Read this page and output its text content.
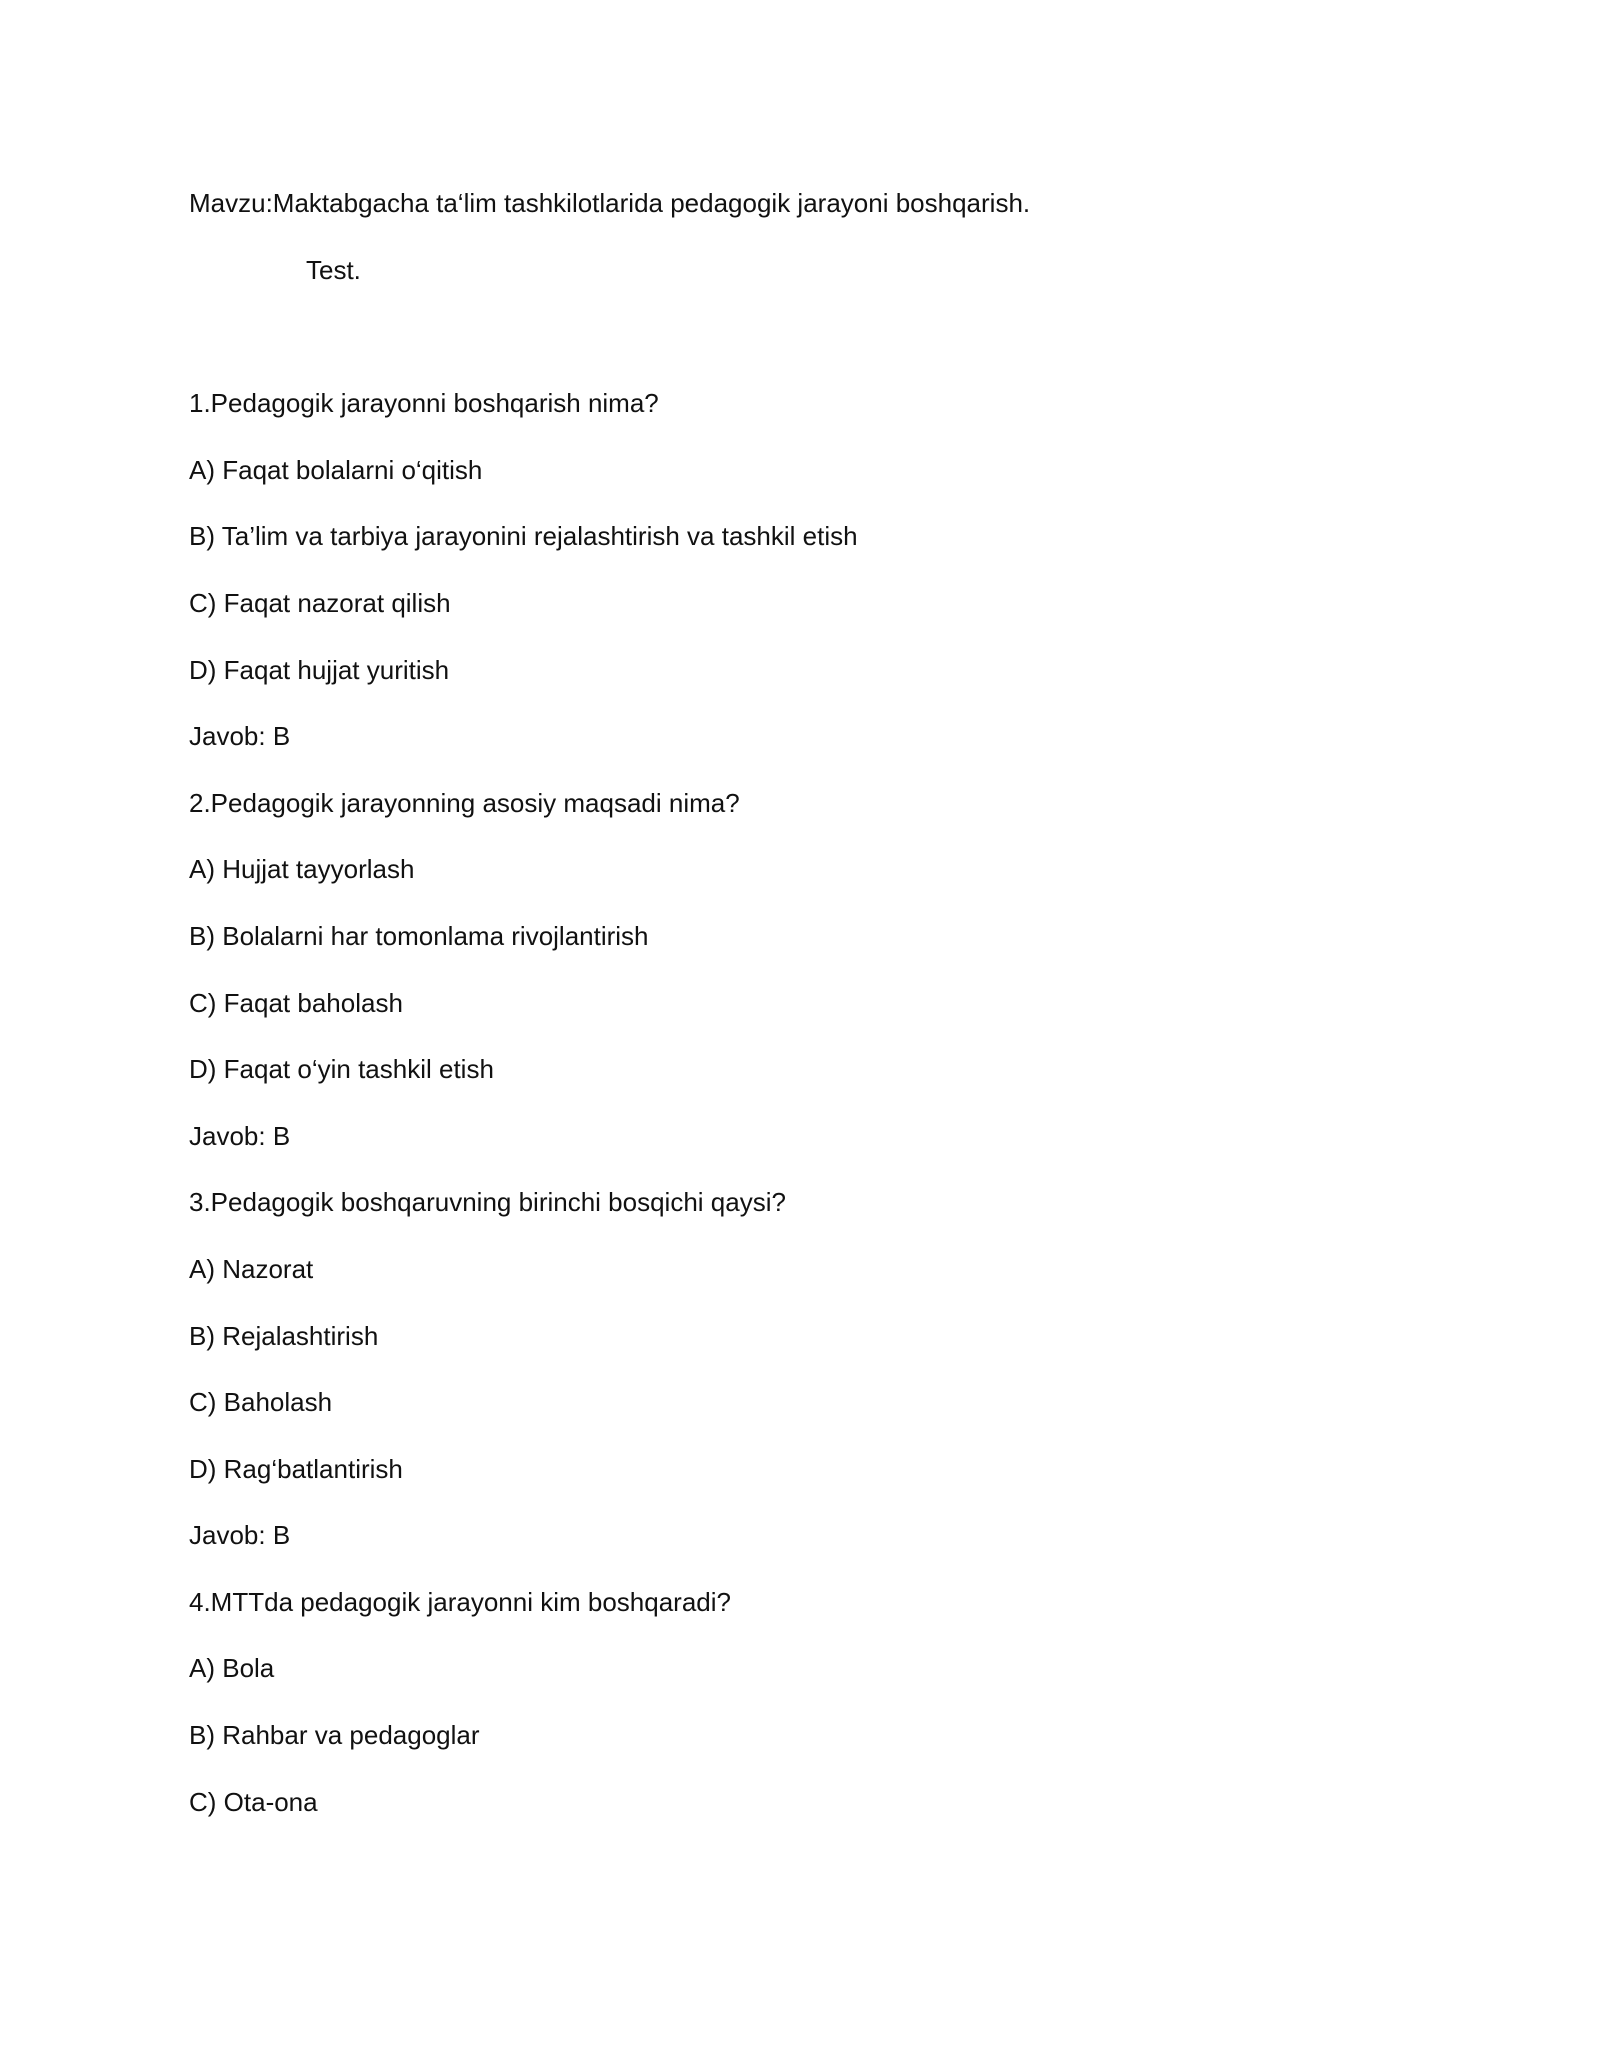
Mavzu:Maktabgacha ta‘lim tashkilotlarida pedagogik jarayoni boshqarish.
Test.
1.Pedagogik jarayonni boshqarish nima?
A) Faqat bolalarni o‘qitish
B) Ta’lim va tarbiya jarayonini rejalashtirish va tashkil etish
C) Faqat nazorat qilish
D) Faqat hujjat yuritish
Javob: B
2.Pedagogik jarayonning asosiy maqsadi nima?
A) Hujjat tayyorlash
B) Bolalarni har tomonlama rivojlantirish
C) Faqat baholash
D) Faqat o‘yin tashkil etish
Javob: B
3.Pedagogik boshqaruvning birinchi bosqichi qaysi?
A) Nazorat
B) Rejalashtirish
C) Baholash
D) Rag‘batlantirish
Javob: B
4.MTTda pedagogik jarayonni kim boshqaradi?
A) Bola
B) Rahbar va pedagoglar
C) Ota-ona
